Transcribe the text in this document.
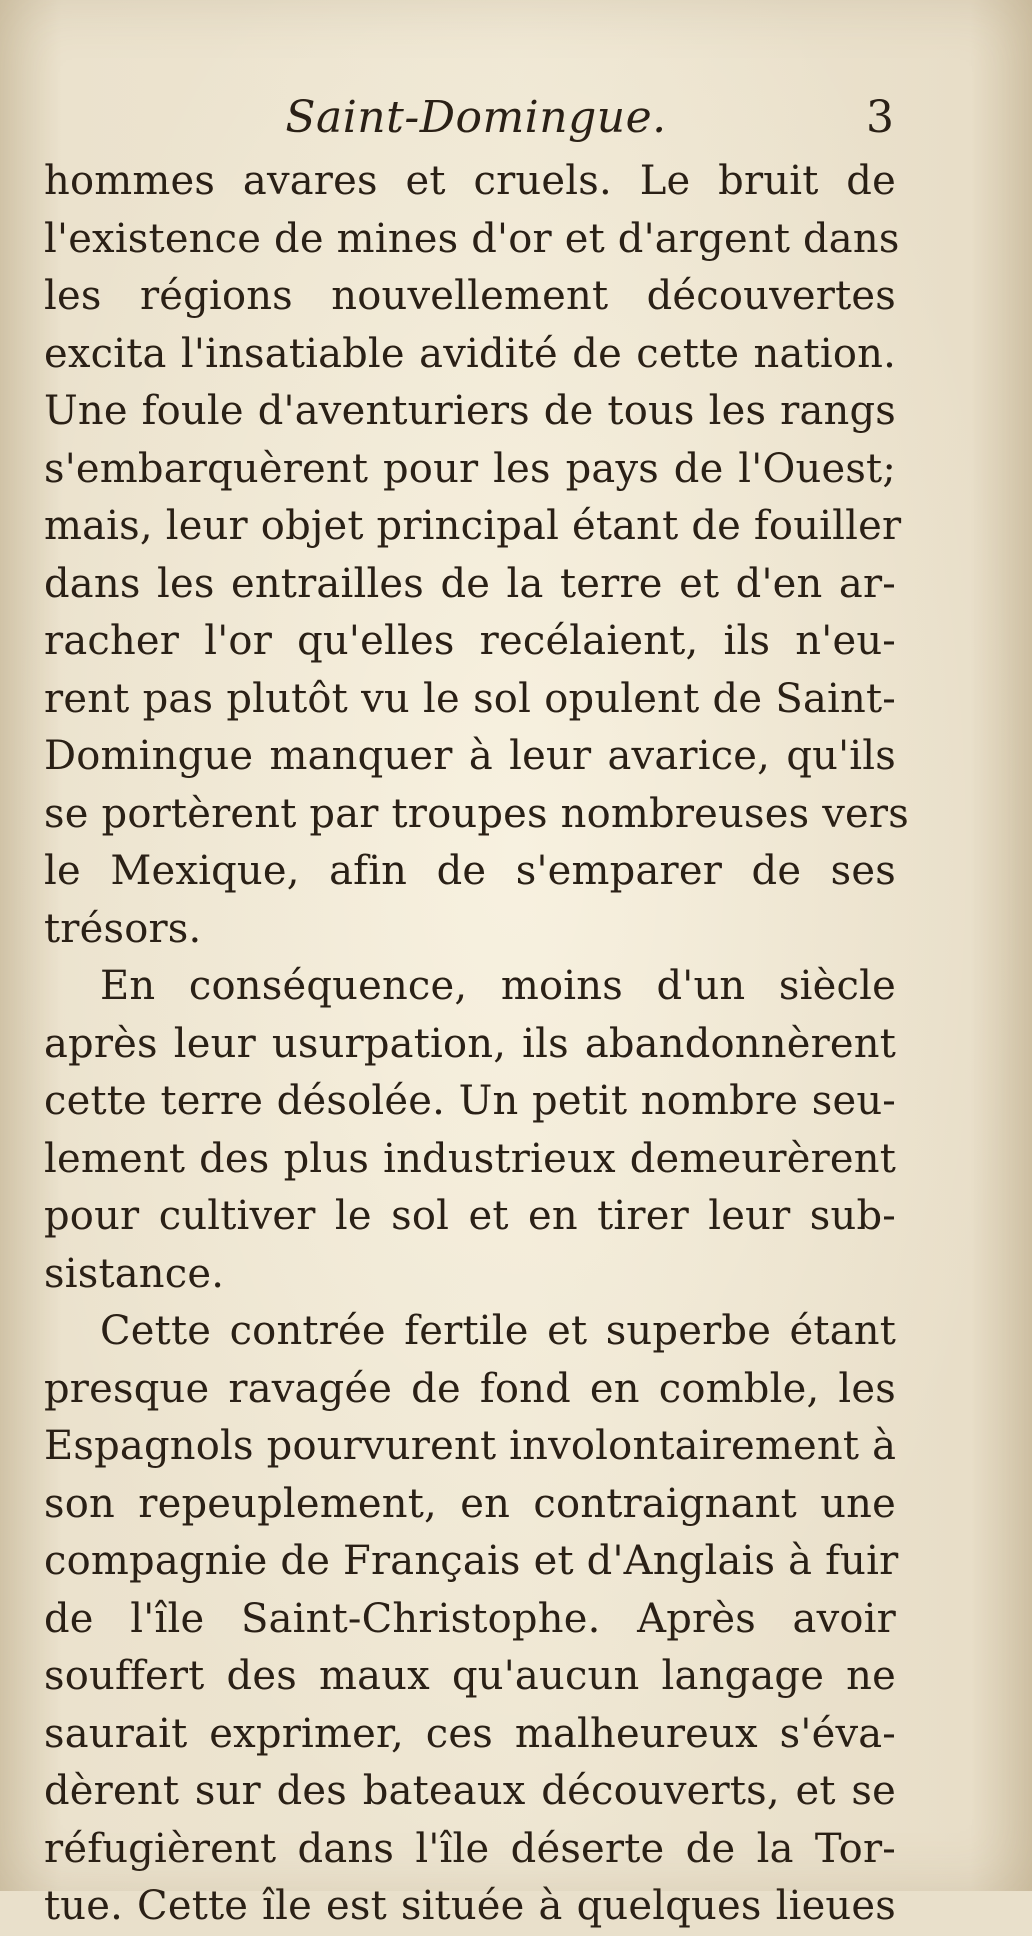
Saint-Domingue.	3
hommes avares et cruels. Le bruit de
l'existence de mines d'or et d'argent dans
les régions nouvellement découvertes
excita l'insatiable avidité de cette nation.
Une foule d'aventuriers de tous les rangs
s'embarquèrent pour les pays de l'Ouest;
mais, leur objet principal étant de fouiller
dans les entrailles de la terre et d'en ar-
racher l'or qu'elles recélaient, ils n'eu-
rent pas plutôt vu le sol opulent de Saint-
Domingue manquer à leur avarice, qu'ils
se portèrent par troupes nombreuses vers
le Mexique, afin de s'emparer de ses
trésors.
En conséquence, moins d'un siècle
après leur usurpation, ils abandonnèrent
cette terre désolée. Un petit nombre seu-
lement des plus industrieux demeurèrent
pour cultiver le sol et en tirer leur sub-
sistance.
Cette contrée fertile et superbe étant
presque ravagée de fond en comble, les
Espagnols pourvurent involontairement à
son repeuplement, en contraignant une
compagnie de Français et d'Anglais à fuir
de l'île Saint-Christophe. Après avoir
souffert des maux qu'aucun langage ne
saurait exprimer, ces malheureux s'éva-
dèrent sur des bateaux découverts, et se
réfugièrent dans l'île déserte de la Tor-
tue. Cette île est située à quelques lieues
